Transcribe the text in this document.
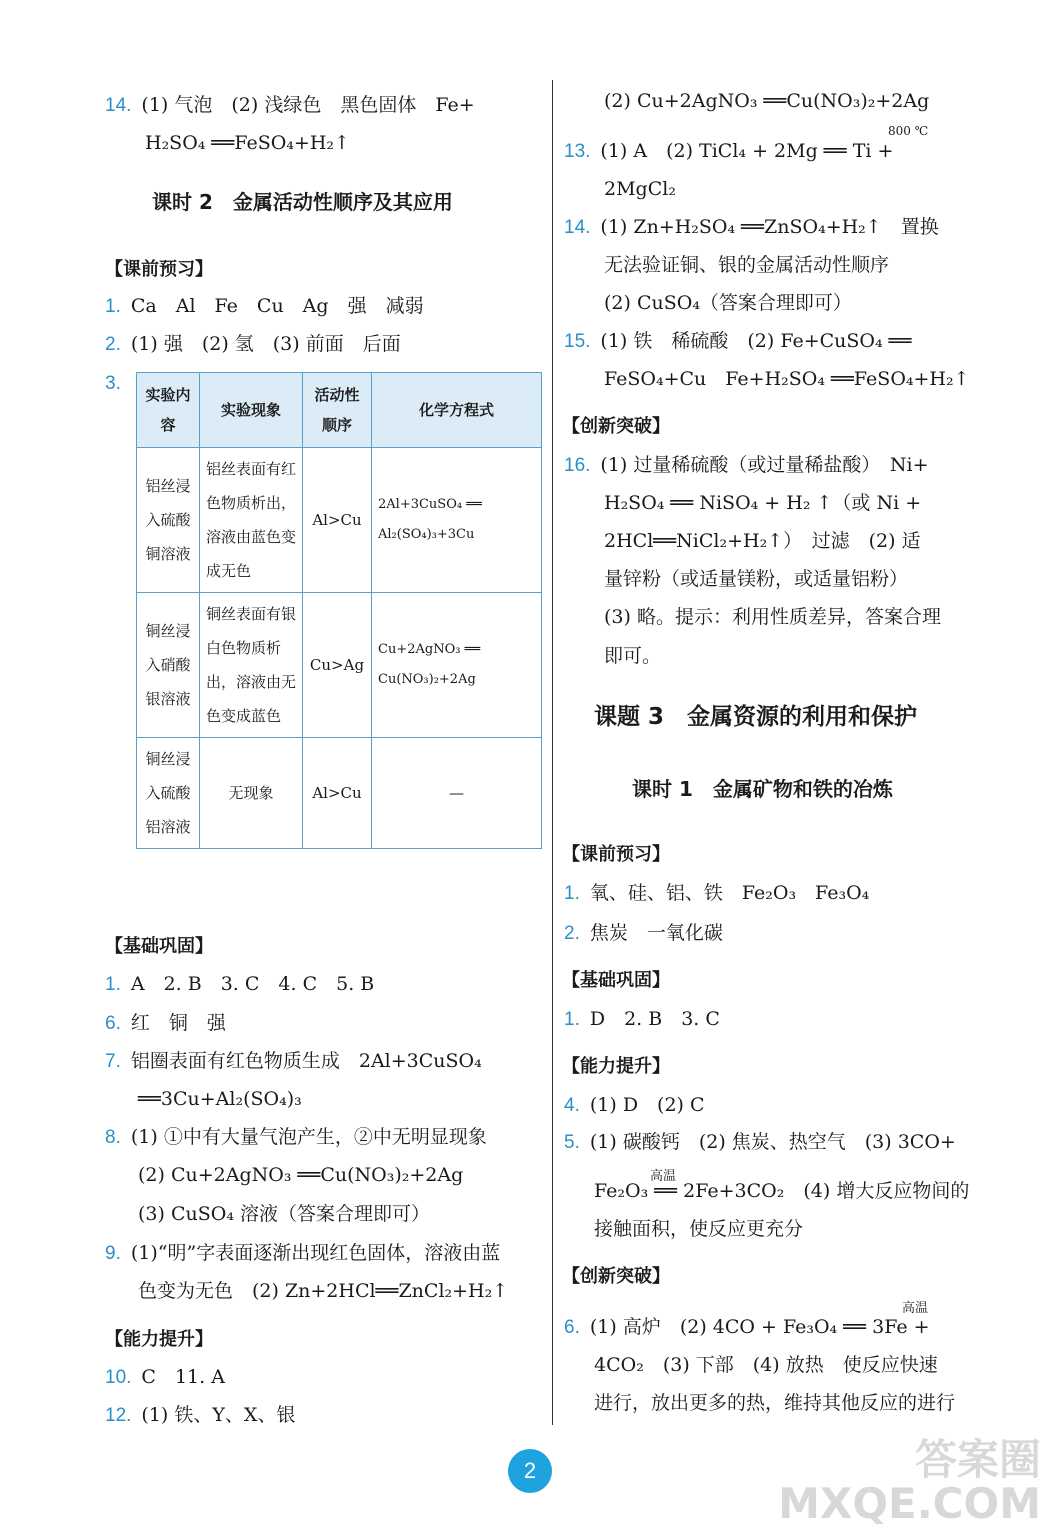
14. (1) 气泡　(2) 浅绿色　黑色固体　Fe+
H₂SO₄ ══FeSO₄+H₂↑
课时 2　金属活动性顺序及其应用
【课前预习】
1. Ca　Al　Fe　Cu　Ag　强　减弱
2. (1) 强　(2) 氢　(3) 前面　后面
3.
实验内容	实验现象	活动性顺序	化学方程式
铝丝浸入硫酸铜溶液	铝丝表面有红色物质析出，溶液由蓝色变成无色	Al>Cu	2Al+3CuSO₄ ══ Al₂(SO₄)₃+3Cu
铜丝浸入硝酸银溶液	铜丝表面有银白色物质析出，溶液由无色变成蓝色	Cu>Ag	Cu+2AgNO₃ ══ Cu(NO₃)₂+2Ag
铜丝浸入硫酸铝溶液	无现象	Al>Cu	—
【基础巩固】
1. A　2. B　3. C　4. C　5. B
6. 红　铜　强
7. 铝圈表面有红色物质生成　2Al+3CuSO₄
══3Cu+Al₂(SO₄)₃
8. (1) ①中有大量气泡产生，②中无明显现象
(2) Cu+2AgNO₃ ══Cu(NO₃)₂+2Ag
(3) CuSO₄ 溶液（答案合理即可）
9. (1)“明”字表面逐渐出现红色固体，溶液由蓝
色变为无色　(2) Zn+2HCl══ZnCl₂+H₂↑
【能力提升】
10. C　11. A
12. (1) 铁、Y、X、银
(2) Cu+2AgNO₃ ══Cu(NO₃)₂+2Ag
13. (1) A　(2) TiCl₄ + 2Mg ══ Ti +
800 ℃
2MgCl₂
14. (1) Zn+H₂SO₄ ══ZnSO₄+H₂↑　置换
无法验证铜、银的金属活动性顺序
(2) CuSO₄（答案合理即可）
15. (1) 铁　稀硫酸　(2) Fe+CuSO₄ ══
FeSO₄+Cu　Fe+H₂SO₄ ══FeSO₄+H₂↑
【创新突破】
16. (1) 过量稀硫酸（或过量稀盐酸）　Ni+
H₂SO₄ ══ NiSO₄ + H₂ ↑（或 Ni +
2HCl══NiCl₂+H₂↑）　过滤　(2) 适
量锌粉（或适量镁粉，或适量铝粉）
(3) 略。提示：利用性质差异，答案合理
即可。
课题 3　金属资源的利用和保护
课时 1　金属矿物和铁的冶炼
【课前预习】
1. 氧、硅、铝、铁　Fe₂O₃　Fe₃O₄
2. 焦炭　一氧化碳
【基础巩固】
1. D　2. B　3. C
【能力提升】
4. (1) D　(2) C
5. (1) 碳酸钙　(2) 焦炭、热空气　(3) 3CO+
高温
Fe₂O₃ ══ 2Fe+3CO₂　(4) 增大反应物间的
接触面积，使反应更充分
【创新突破】
6. (1) 高炉　(2) 4CO + Fe₃O₄ ══ 3Fe +
高温
4CO₂　(3) 下部　(4) 放热　使反应快速
进行，放出更多的热，维持其他反应的进行
2	答案圈
MXQE.COM
